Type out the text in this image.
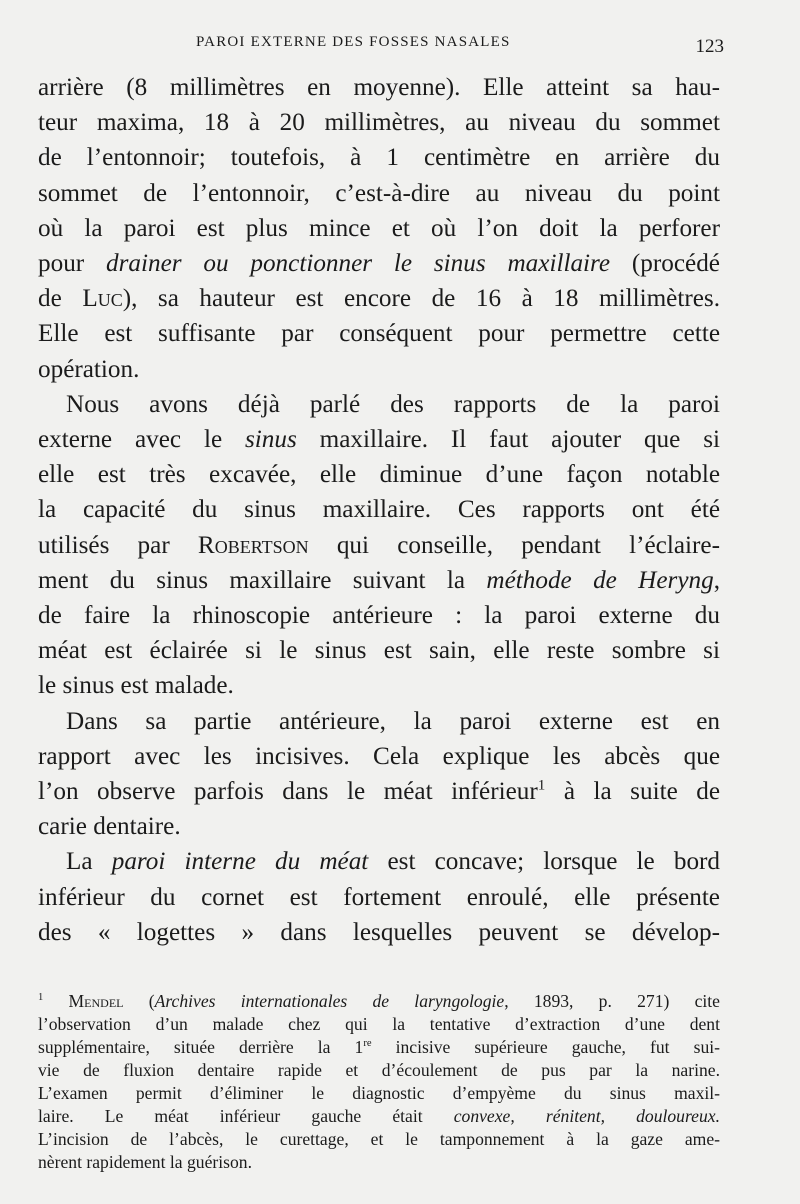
PAROI EXTERNE DES FOSSES NASALES	123

arrière (8 millimètres en moyenne). Elle atteint sa hau-
teur maxima, 18 à 20 millimètres, au niveau du sommet
de l’entonnoir; toutefois, à 1 centimètre en arrière du
sommet de l’entonnoir, c’est-à-dire au niveau du point
où la paroi est plus mince et où l’on doit la perforer
pour drainer ou ponctionner le sinus maxillaire (procédé
de Luc), sa hauteur est encore de 16 à 18 millimètres.
Elle est suffisante par conséquent pour permettre cette
opération.

Nous avons déjà parlé des rapports de la paroi
externe avec le sinus maxillaire. Il faut ajouter que si
elle est très excavée, elle diminue d’une façon notable
la capacité du sinus maxillaire. Ces rapports ont été
utilisés par Robertson qui conseille, pendant l’éclaire-
ment du sinus maxillaire suivant la méthode de Heryng,
de faire la rhinoscopie antérieure : la paroi externe du
méat est éclairée si le sinus est sain, elle reste sombre si
le sinus est malade.

Dans sa partie antérieure, la paroi externe est en
rapport avec les incisives. Cela explique les abcès que
l’on observe parfois dans le méat inférieur$^1$ à la suite de
carie dentaire.

La paroi interne du méat est concave; lorsque le bord
inférieur du cornet est fortement enroulé, elle présente
des « logettes » dans lesquelles peuvent se dévelop-

$^1$ Mendel (Archives internationales de laryngologie, 1893, p. 271) cite
l’observation d’un malade chez qui la tentative d’extraction d’une dent
supplémentaire, située derrière la 1re incisive supérieure gauche, fut sui-
vie de fluxion dentaire rapide et d’écoulement de pus par la narine.
L’examen permit d’éliminer le diagnostic d’empyème du sinus maxil-
laire. Le méat inférieur gauche était convexe, rénitent, douloureux.
L’incision de l’abcès, le curettage, et le tamponnement à la gaze ame-
nèrent rapidement la guérison.
